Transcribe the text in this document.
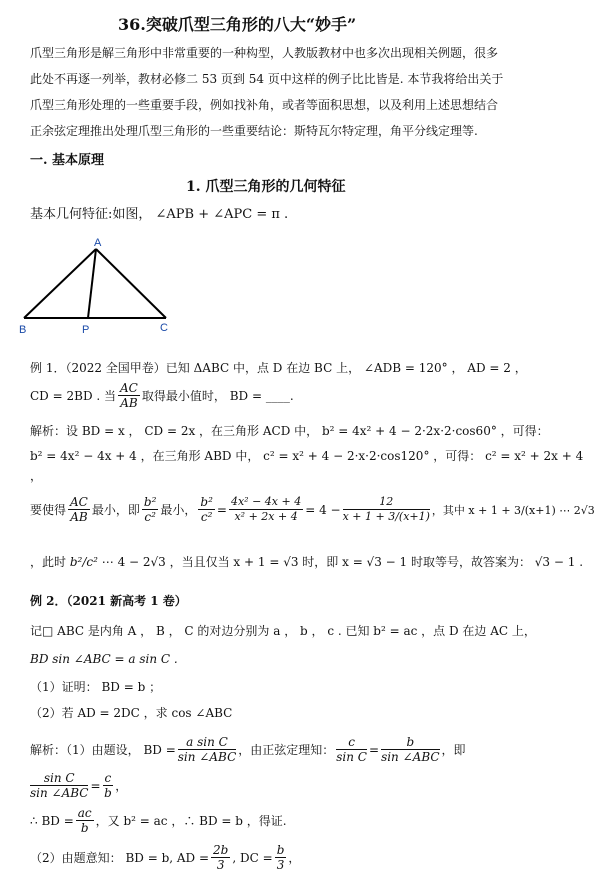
36.突破爪型三角形的八大“妙手”
爪型三角形是解三角形中非常重要的一种构型，人教版教材中也多次出现相关例题，很多
此处不再逐一列举，教材必修二 53 页到 54 页中这样的例子比比皆是. 本节我将给出关于
爪型三角形处理的一些重要手段，例如找补角，或者等面积思想，以及利用上述思想结合
正余弦定理推出处理爪型三角形的一些重要结论：斯特瓦尔特定理，角平分线定理等.
一. 基本原理
1. 爪型三角形的几何特征
基本几何特征:如图， ∠APB + ∠APC = π .
A
B	P	C
例 1．（2022 全国甲卷）已知 ΔABC 中，点 D 在边 BC 上， ∠ADB = 120° ， AD = 2 ，
CD = 2BD . 当 $\frac{AC}{AB}$ 取得最小值时， BD = ____.
解析：设 BD = x ， CD = 2x ，在三角形 ACD 中， b² = 4x² + 4 − 2·2x·2·cos60° ，可得：
b² = 4x² − 4x + 4 ，在三角形 ABD 中， c² = x² + 4 − 2·x·2·cos120° ，可得： c² = x² + 2x + 4
，
要使得 $\frac{AC}{AB}$ 最小，即 $\frac{\text{b²}}{\text{c²}}$ 最小， $\frac{\text{b²}}{\text{c²}} = \frac{\text{4x² − 4x + 4}}{\text{x² + 2x + 4}} = 4 - \frac{12}{x + 1 + 3/(x+1)}$ ，其中 x + 1 + 3/(x+1) ⋯ 2√3
，此时 b²/c² ⋯ 4 − 2√3 ，当且仅当 x + 1 = √3 时，即 x = √3 − 1 时取等号，故答案为： √3 − 1 .
例 2．（2021 新高考 1 卷）
记□ ABC 是内角 A ， B ， C 的对边分别为 a ， b ， c . 已知 b² = ac ，点 D 在边 AC 上，
BD sin ∠ABC = a sin C .
（1）证明： BD = b ；
（2）若 AD = 2DC ，求 cos ∠ABC
解析：（1）由题设， BD = $\frac{\text{a sin C}}{\text{sin ∠ABC}}$ ，由正弦定理知： $\frac{c}{\text{sin C}} = \frac{b}{\text{sin ∠ABC}}$ ，即
$\frac{\text{sin C}}{\text{sin ∠ABC}} = \frac{c}{b}$ ，
∴ BD = $\frac{ac}{b}$ ，又 b² = ac ，∴ BD = b ，得证.
（2）由题意知： BD = b, AD = $\frac{2b}{3}$ , DC = $\frac{b}{3}$ ，
